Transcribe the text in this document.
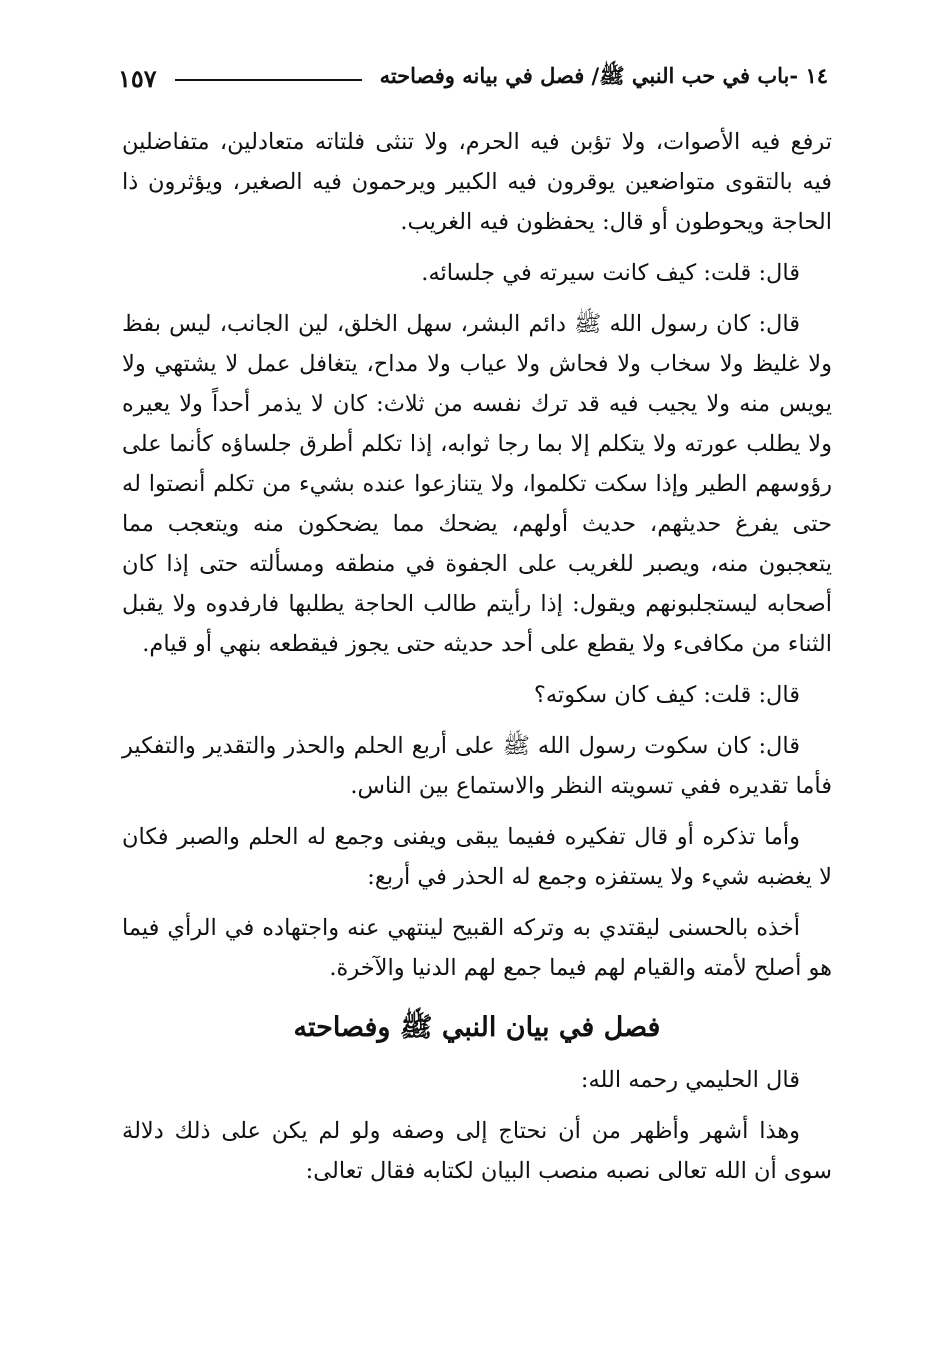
١٤ -باب في حب النبي ﷺ/ فصل في بيانه وفصاحته
١٥٧

ترفع فيه الأصوات، ولا تؤبن فيه الحرم، ولا تنثى فلتاته متعادلين، متفاضلين فيه بالتقوى متواضعين يوقرون فيه الكبير ويرحمون فيه الصغير، ويؤثرون ذا الحاجة ويحوطون أو قال: يحفظون فيه الغريب.

قال: قلت: كيف كانت سيرته في جلسائه.

قال: كان رسول الله ﷺ دائم البشر، سهل الخلق، لين الجانب، ليس بفظ ولا غليظ ولا سخاب ولا فحاش ولا عياب ولا مداح، يتغافل عمل لا يشتهي ولا يويس منه ولا يجيب فيه قد ترك نفسه من ثلاث: كان لا يذمر أحداً ولا يعيره ولا يطلب عورته ولا يتكلم إلا بما رجا ثوابه، إذا تكلم أطرق جلساؤه كأنما على رؤوسهم الطير وإذا سكت تكلموا، ولا يتنازعوا عنده بشيء من تكلم أنصتوا له حتى يفرغ حديثهم، حديث أولهم، يضحك مما يضحكون منه ويتعجب مما يتعجبون منه، ويصبر للغريب على الجفوة في منطقه ومسألته حتى إذا كان أصحابه ليستجلبونهم ويقول: إذا رأيتم طالب الحاجة يطلبها فارفدوه ولا يقبل الثناء من مكافىء ولا يقطع على أحد حديثه حتى يجوز فيقطعه بنهي أو قيام.

قال: قلت: كيف كان سكوته؟

قال: كان سكوت رسول الله ﷺ على أربع الحلم والحذر والتقدير والتفكير فأما تقديره ففي تسويته النظر والاستماع بين الناس.

وأما تذكره أو قال تفكيره ففيما يبقى ويفنى وجمع له الحلم والصبر فكان لا يغضبه شيء ولا يستفزه وجمع له الحذر في أربع:

أخذه بالحسنى ليقتدي به وتركه القبيح لينتهي عنه واجتهاده في الرأي فيما هو أصلح لأمته والقيام لهم فيما جمع لهم الدنيا والآخرة.

فصل في بيان النبي ﷺ وفصاحته

قال الحليمي رحمه الله:

وهذا أشهر وأظهر من أن نحتاج إلى وصفه ولو لم يكن على ذلك دلالة سوى أن الله تعالى نصبه منصب البيان لكتابه فقال تعالى:
